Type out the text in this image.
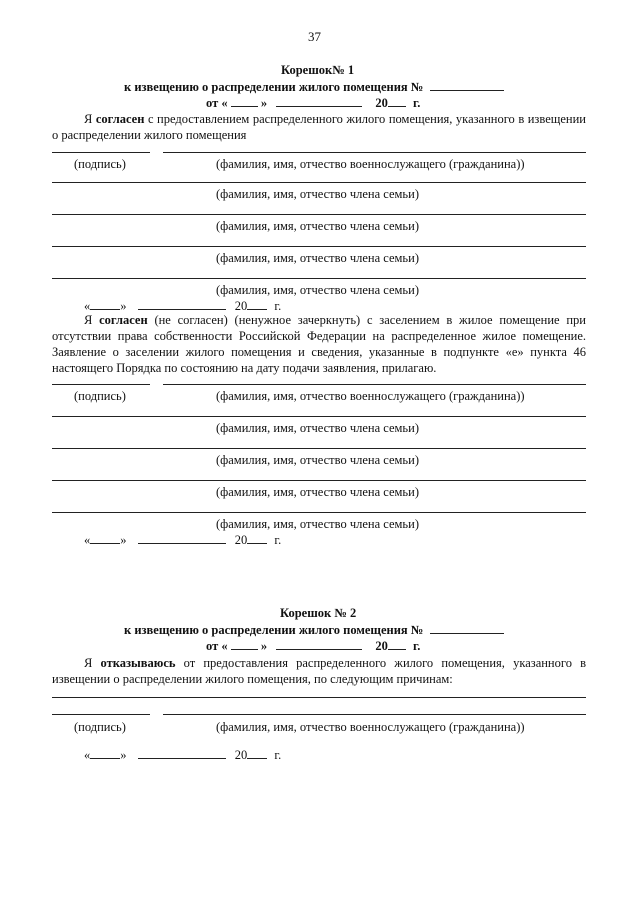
37
Корешок№ 1
к извещению о распределении жилого помещения №
от «	»	20 г.
Я согласен с предоставлением распределенного жилого помещения, указанного в извещении о распределении жилого помещения
(подпись)	(фамилия, имя, отчество военнослужащего (гражданина))
(фамилия, имя, отчество члена семьи)
(фамилия, имя, отчество члена семьи)
(фамилия, имя, отчество члена семьи)
(фамилия, имя, отчество члена семьи)
« »	20 г.
Я согласен (не согласен) (ненужное зачеркнуть) с заселением в жилое помещение при отсутствии права собственности Российской Федерации на распределенное жилое помещение. Заявление о заселении жилого помещения и сведения, указанные в подпункте «е» пункта 46 настоящего Порядка по состоянию на дату подачи заявления, прилагаю.
(подпись)	(фамилия, имя, отчество военнослужащего (гражданина))
(фамилия, имя, отчество члена семьи)
(фамилия, имя, отчество члена семьи)
(фамилия, имя, отчество члена семьи)
(фамилия, имя, отчество члена семьи)
« »	20 г.
Корешок № 2
к извещению о распределении жилого помещения №
от «	»	20 г.
Я отказываюсь от предоставления распределенного жилого помещения, указанного в извещении о распределении жилого помещения, по следующим причинам:
(подпись)	(фамилия, имя, отчество военнослужащего (гражданина))
« »	20 г.
